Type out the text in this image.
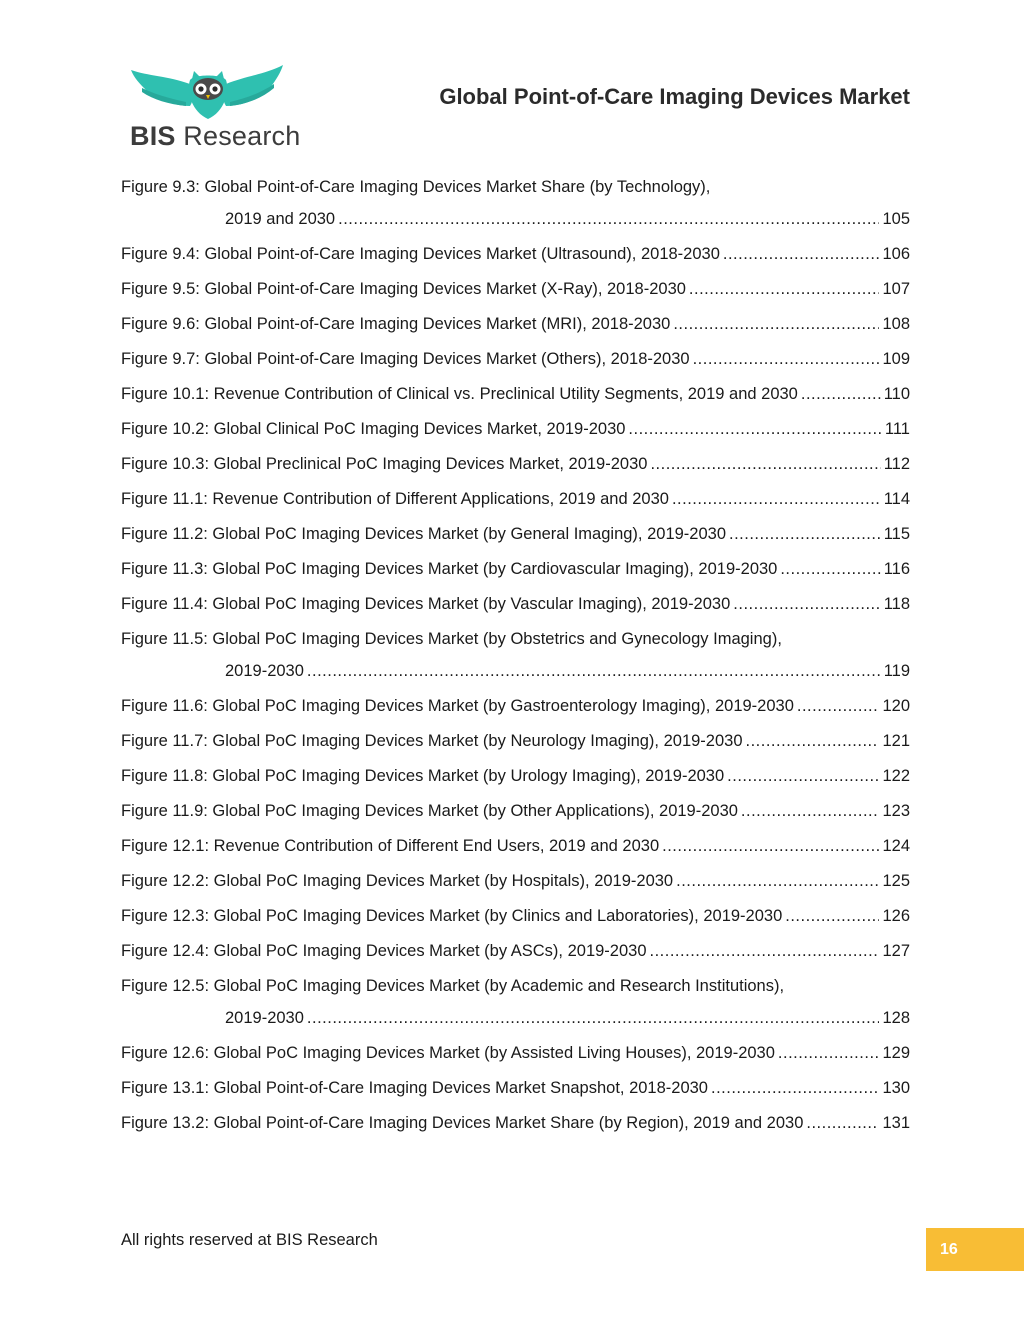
BIS Research
Global Point-of-Care Imaging Devices Market
Figure 9.3: Global Point-of-Care Imaging Devices Market Share (by Technology),
2019 and 2030 .....	105
Figure 9.4: Global Point-of-Care Imaging Devices Market (Ultrasound), 2018-2030 .....	106
Figure 9.5: Global Point-of-Care Imaging Devices Market (X-Ray), 2018-2030 .....	107
Figure 9.6: Global Point-of-Care Imaging Devices Market (MRI), 2018-2030 .....	108
Figure 9.7: Global Point-of-Care Imaging Devices Market (Others), 2018-2030 .....	109
Figure 10.1: Revenue Contribution of Clinical vs. Preclinical Utility Segments, 2019 and 2030 .....	110
Figure 10.2: Global Clinical PoC Imaging Devices Market, 2019-2030 .....	111
Figure 10.3: Global Preclinical PoC Imaging Devices Market, 2019-2030 .....	112
Figure 11.1: Revenue Contribution of Different Applications, 2019 and 2030 .....	114
Figure 11.2: Global PoC Imaging Devices Market (by General Imaging), 2019-2030 .....	115
Figure 11.3: Global PoC Imaging Devices Market (by Cardiovascular Imaging), 2019-2030 .....	116
Figure 11.4: Global PoC Imaging Devices Market (by Vascular Imaging), 2019-2030 .....	118
Figure 11.5: Global PoC Imaging Devices Market (by Obstetrics and Gynecology Imaging),
2019-2030 .....	119
Figure 11.6: Global PoC Imaging Devices Market (by Gastroenterology Imaging), 2019-2030 .....	120
Figure 11.7: Global PoC Imaging Devices Market (by Neurology Imaging), 2019-2030 .....	121
Figure 11.8: Global PoC Imaging Devices Market (by Urology Imaging), 2019-2030 .....	122
Figure 11.9: Global PoC Imaging Devices Market (by Other Applications), 2019-2030 .....	123
Figure 12.1: Revenue Contribution of Different End Users, 2019 and 2030 .....	124
Figure 12.2: Global PoC Imaging Devices Market (by Hospitals), 2019-2030 .....	125
Figure 12.3: Global PoC Imaging Devices Market (by Clinics and Laboratories), 2019-2030 .....	126
Figure 12.4: Global PoC Imaging Devices Market (by ASCs), 2019-2030 .....	127
Figure 12.5: Global PoC Imaging Devices Market (by Academic and Research Institutions),
2019-2030 .....	128
Figure 12.6: Global PoC Imaging Devices Market (by Assisted Living Houses), 2019-2030 .....	129
Figure 13.1: Global Point-of-Care Imaging Devices Market Snapshot, 2018-2030 .....	130
Figure 13.2: Global Point-of-Care Imaging Devices Market Share (by Region), 2019 and 2030 .....	131
All rights reserved at BIS Research	16
